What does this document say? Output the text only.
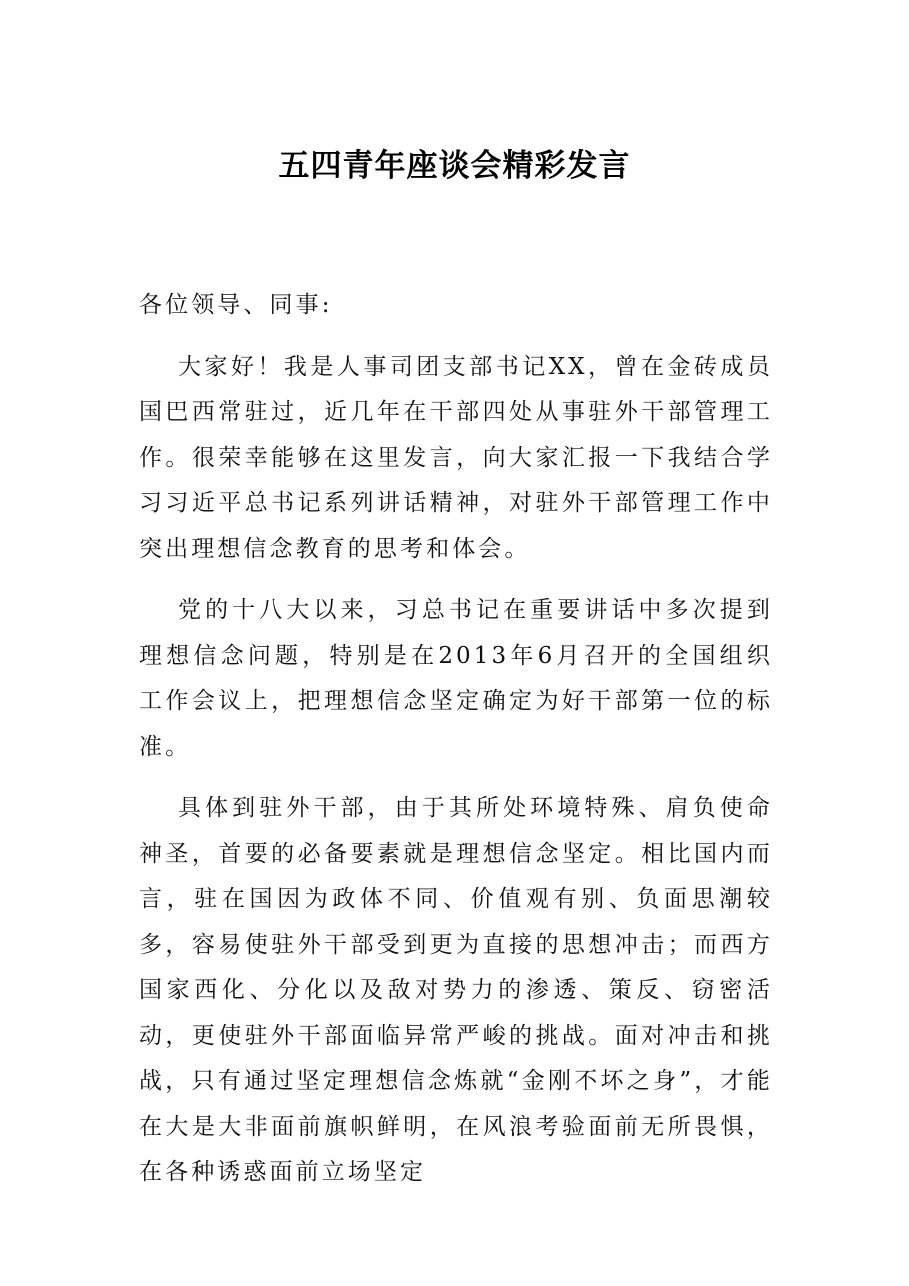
五四青年座谈会精彩发言

各位领导、同事:

大家好！我是人事司团支部书记XX，曾在金砖成员国巴西常驻过，近几年在干部四处从事驻外干部管理工作。很荣幸能够在这里发言，向大家汇报一下我结合学习习近平总书记系列讲话精神，对驻外干部管理工作中突出理想信念教育的思考和体会。

党的十八大以来，习总书记在重要讲话中多次提到理想信念问题，特别是在2013年6月召开的全国组织工作会议上，把理想信念坚定确定为好干部第一位的标准。

具体到驻外干部，由于其所处环境特殊、肩负使命神圣，首要的必备要素就是理想信念坚定。相比国内而言，驻在国因为政体不同、价值观有别、负面思潮较多，容易使驻外干部受到更为直接的思想冲击；而西方国家西化、分化以及敌对势力的渗透、策反、窃密活动，更使驻外干部面临异常严峻的挑战。面对冲击和挑战，只有通过坚定理想信念炼就“金刚不坏之身”，才能在大是大非面前旗帜鲜明，在风浪考验面前无所畏惧，在各种诱惑面前立场坚定
